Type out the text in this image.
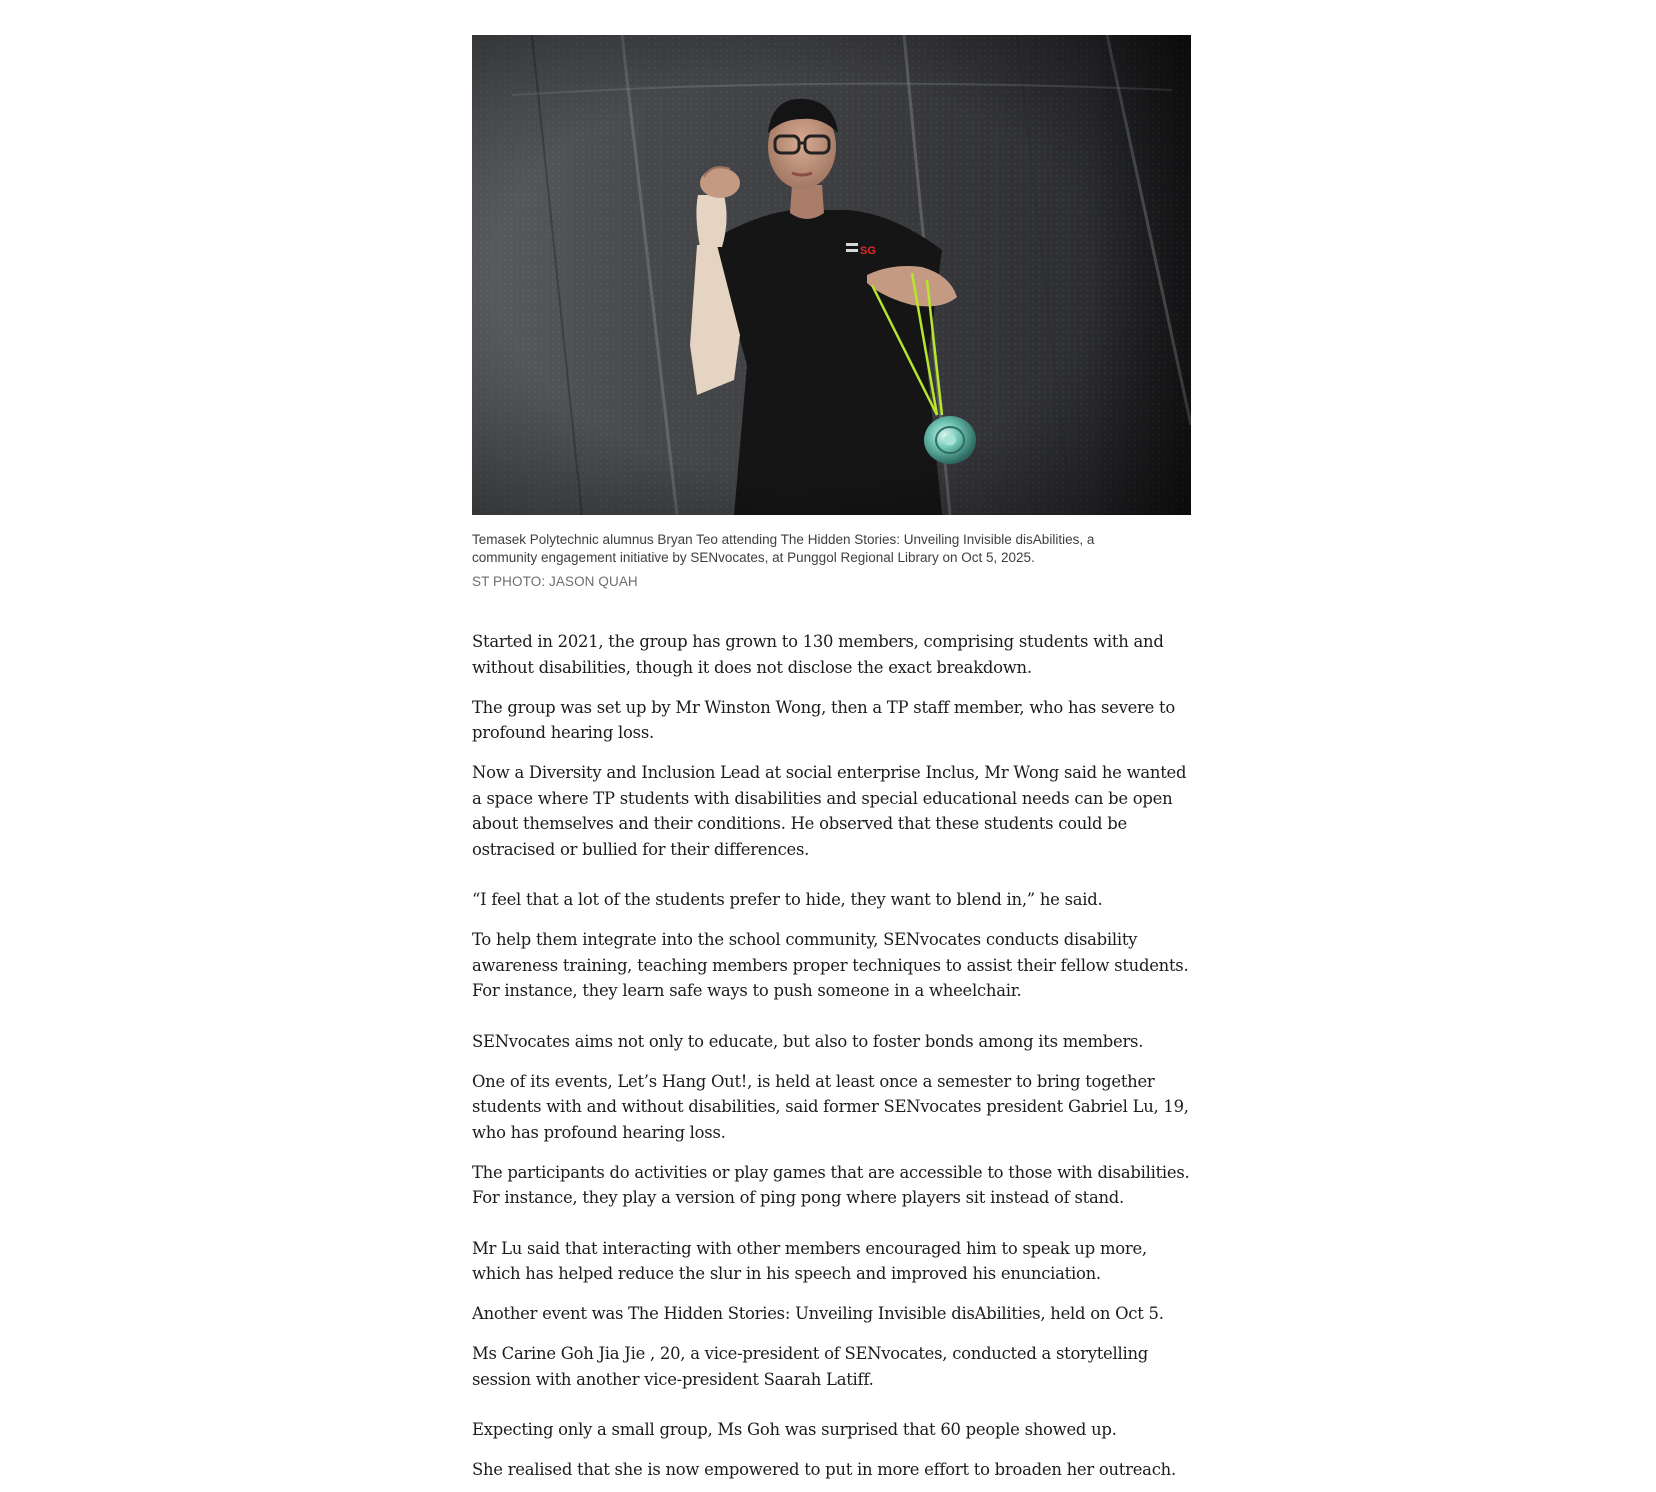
Temasek Polytechnic alumnus Bryan Teo attending The Hidden Stories: Unveiling Invisible disAbilities, a community engagement initiative by SENvocates, at Punggol Regional Library on Oct 5, 2025.
ST PHOTO: JASON QUAH

Started in 2021, the group has grown to 130 members, comprising students with and without disabilities, though it does not disclose the exact breakdown.

The group was set up by Mr Winston Wong, then a TP staff member, who has severe to profound hearing loss.

Now a Diversity and Inclusion Lead at social enterprise Inclus, Mr Wong said he wanted a space where TP students with disabilities and special educational needs can be open about themselves and their conditions. He observed that these students could be ostracised or bullied for their differences.

“I feel that a lot of the students prefer to hide, they want to blend in,” he said.

To help them integrate into the school community, SENvocates conducts disability awareness training, teaching members proper techniques to assist their fellow students. For instance, they learn safe ways to push someone in a wheelchair.

SENvocates aims not only to educate, but also to foster bonds among its members.

One of its events, Let’s Hang Out!, is held at least once a semester to bring together students with and without disabilities, said former SENvocates president Gabriel Lu, 19, who has profound hearing loss.

The participants do activities or play games that are accessible to those with disabilities. For instance, they play a version of ping pong where players sit instead of stand.

Mr Lu said that interacting with other members encouraged him to speak up more, which has helped reduce the slur in his speech and improved his enunciation.

Another event was The Hidden Stories: Unveiling Invisible disAbilities, held on Oct 5.

Ms Carine Goh Jia Jie , 20, a vice-president of SENvocates, conducted a storytelling session with another vice-president Saarah Latiff.

Expecting only a small group, Ms Goh was surprised that 60 people showed up.

She realised that she is now empowered to put in more effort to broaden her outreach.
